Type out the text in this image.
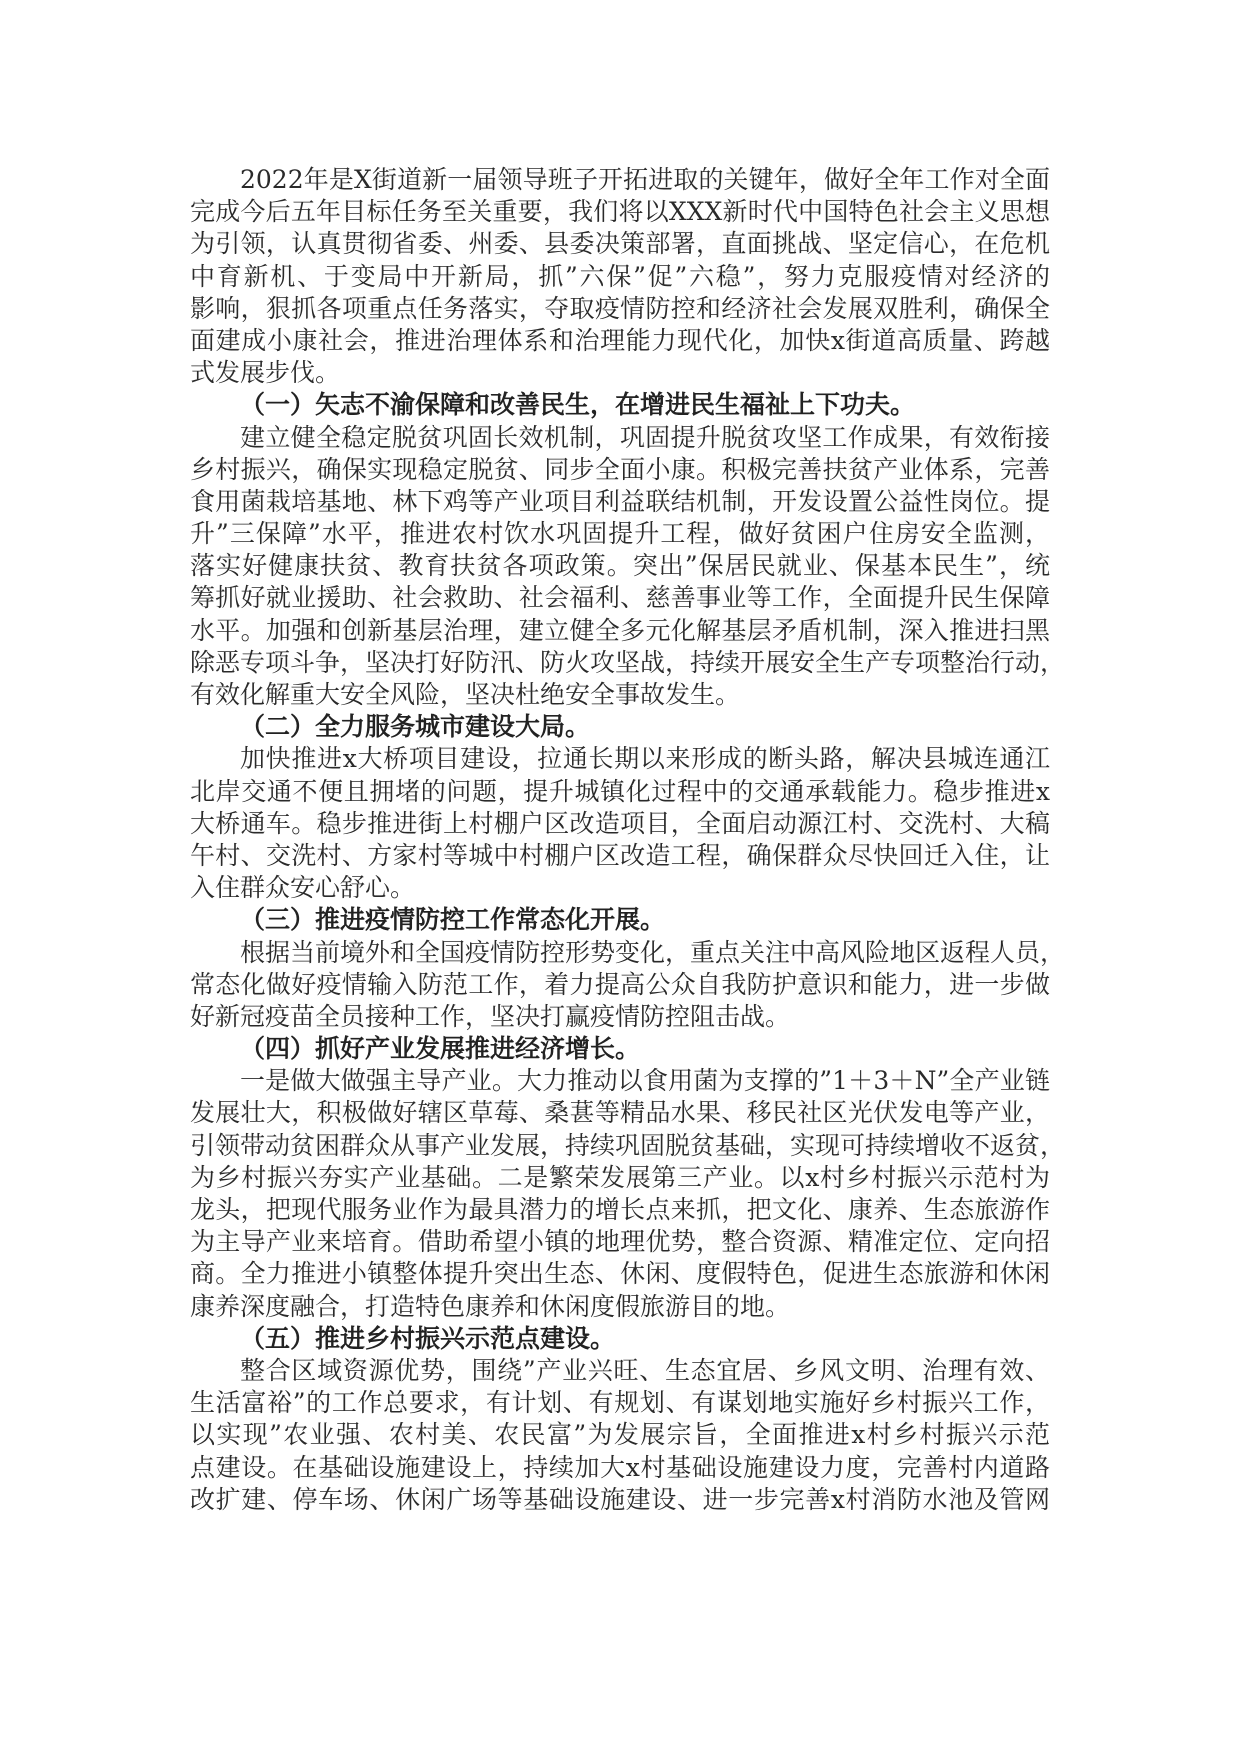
2022年是X街道新一届领导班子开拓进取的关键年，做好全年工作对全面
完成今后五年目标任务至关重要，我们将以XXX新时代中国特色社会主义思想
为引领，认真贯彻省委、州委、县委决策部署，直面挑战、坚定信心，在危机
中育新机、于变局中开新局，抓”六保”促”六稳”，努力克服疫情对经济的
影响，狠抓各项重点任务落实，夺取疫情防控和经济社会发展双胜利，确保全
面建成小康社会，推进治理体系和治理能力现代化，加快x街道高质量、跨越
式发展步伐。
（一）矢志不渝保障和改善民生，在增进民生福祉上下功夫。
建立健全稳定脱贫巩固长效机制，巩固提升脱贫攻坚工作成果，有效衔接
乡村振兴，确保实现稳定脱贫、同步全面小康。积极完善扶贫产业体系，完善
食用菌栽培基地、林下鸡等产业项目利益联结机制，开发设置公益性岗位。提
升”三保障”水平，推进农村饮水巩固提升工程，做好贫困户住房安全监测，
落实好健康扶贫、教育扶贫各项政策。突出”保居民就业、保基本民生”，统
筹抓好就业援助、社会救助、社会福利、慈善事业等工作，全面提升民生保障
水平。加强和创新基层治理，建立健全多元化解基层矛盾机制，深入推进扫黑
除恶专项斗争，坚决打好防汛、防火攻坚战，持续开展安全生产专项整治行动，
有效化解重大安全风险，坚决杜绝安全事故发生。
（二）全力服务城市建设大局。
加快推进x大桥项目建设，拉通长期以来形成的断头路，解决县城连通江
北岸交通不便且拥堵的问题，提升城镇化过程中的交通承载能力。稳步推进x
大桥通车。稳步推进街上村棚户区改造项目，全面启动源江村、交洗村、大稿
午村、交洗村、方家村等城中村棚户区改造工程，确保群众尽快回迁入住，让
入住群众安心舒心。
（三）推进疫情防控工作常态化开展。
根据当前境外和全国疫情防控形势变化，重点关注中高风险地区返程人员，
常态化做好疫情输入防范工作，着力提高公众自我防护意识和能力，进一步做
好新冠疫苗全员接种工作，坚决打赢疫情防控阻击战。
（四）抓好产业发展推进经济增长。
一是做大做强主导产业。大力推动以食用菌为支撑的”1＋3＋N”全产业链
发展壮大，积极做好辖区草莓、桑葚等精品水果、移民社区光伏发电等产业，
引领带动贫困群众从事产业发展，持续巩固脱贫基础，实现可持续增收不返贫，
为乡村振兴夯实产业基础。二是繁荣发展第三产业。以x村乡村振兴示范村为
龙头，把现代服务业作为最具潜力的增长点来抓，把文化、康养、生态旅游作
为主导产业来培育。借助希望小镇的地理优势，整合资源、精准定位、定向招
商。全力推进小镇整体提升突出生态、休闲、度假特色，促进生态旅游和休闲
康养深度融合，打造特色康养和休闲度假旅游目的地。
（五）推进乡村振兴示范点建设。
整合区域资源优势，围绕”产业兴旺、生态宜居、乡风文明、治理有效、
生活富裕”的工作总要求，有计划、有规划、有谋划地实施好乡村振兴工作，
以实现”农业强、农村美、农民富”为发展宗旨，全面推进x村乡村振兴示范
点建设。在基础设施建设上，持续加大x村基础设施建设力度，完善村内道路
改扩建、停车场、休闲广场等基础设施建设、进一步完善x村消防水池及管网
